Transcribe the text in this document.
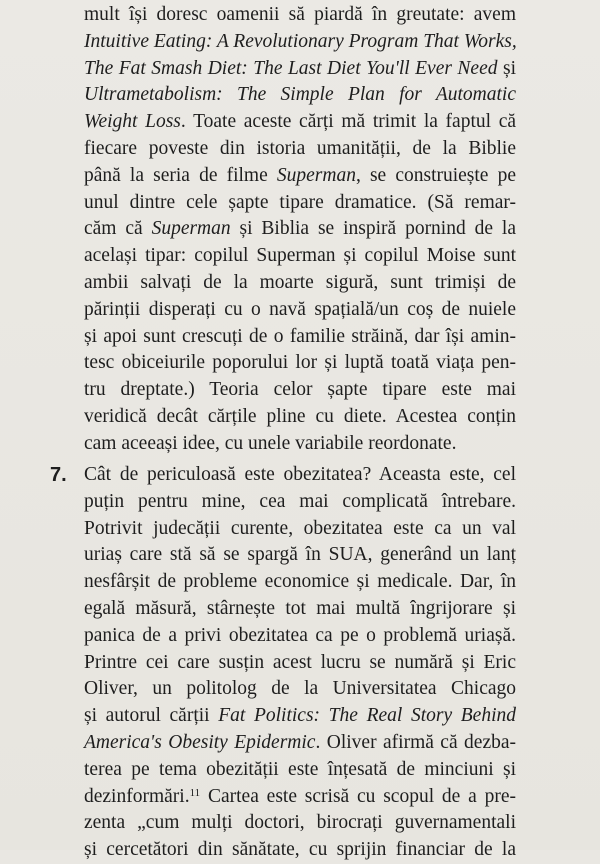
mult își doresc oamenii să piardă în greutate: avem
Intuitive Eating: A Revolutionary Program That Works,
The Fat Smash Diet: The Last Diet You'll Ever Need și
Ultrametabolism: The Simple Plan for Automatic
Weight Loss. Toate aceste cărți mă trimit la faptul că
fiecare poveste din istoria umanității, de la Biblie
până la seria de filme Superman, se construiește pe
unul dintre cele șapte tipare dramatice. (Să remar-
căm că Superman și Biblia se inspiră pornind de la
același tipar: copilul Superman și copilul Moise sunt
ambii salvați de la moarte sigură, sunt trimiși de
părinții disperați cu o navă spațială/un coș de nuiele
și apoi sunt crescuți de o familie străină, dar își amin-
tesc obiceiurile poporului lor și luptă toată viața pen-
tru dreptate.) Teoria celor șapte tipare este mai
veridică decât cărțile pline cu diete. Acestea conțin
cam aceeași idee, cu unele variabile reordonate.
7. Cât de periculoasă este obezitatea? Aceasta este, cel
puțin pentru mine, cea mai complicată întrebare.
Potrivit judecății curente, obezitatea este ca un val
uriaș care stă să se spargă în SUA, generând un lanț
nesfârșit de probleme economice și medicale. Dar, în
egală măsură, stârnește tot mai multă îngrijorare și
panica de a privi obezitatea ca pe o problemă uriașă.
Printre cei care susțin acest lucru se numără și Eric
Oliver, un politolog de la Universitatea Chicago
și autorul cărții Fat Politics: The Real Story Behind
America's Obesity Epidermic. Oliver afirmă că dezba-
terea pe tema obezității este înțesată de minciuni și
dezinformări.$^{11}$ Cartea este scrisă cu scopul de a pre-
zenta „cum mulți doctori, birocrați guvernamentali
și cercetători din sănătate, cu sprijin financiar de la
